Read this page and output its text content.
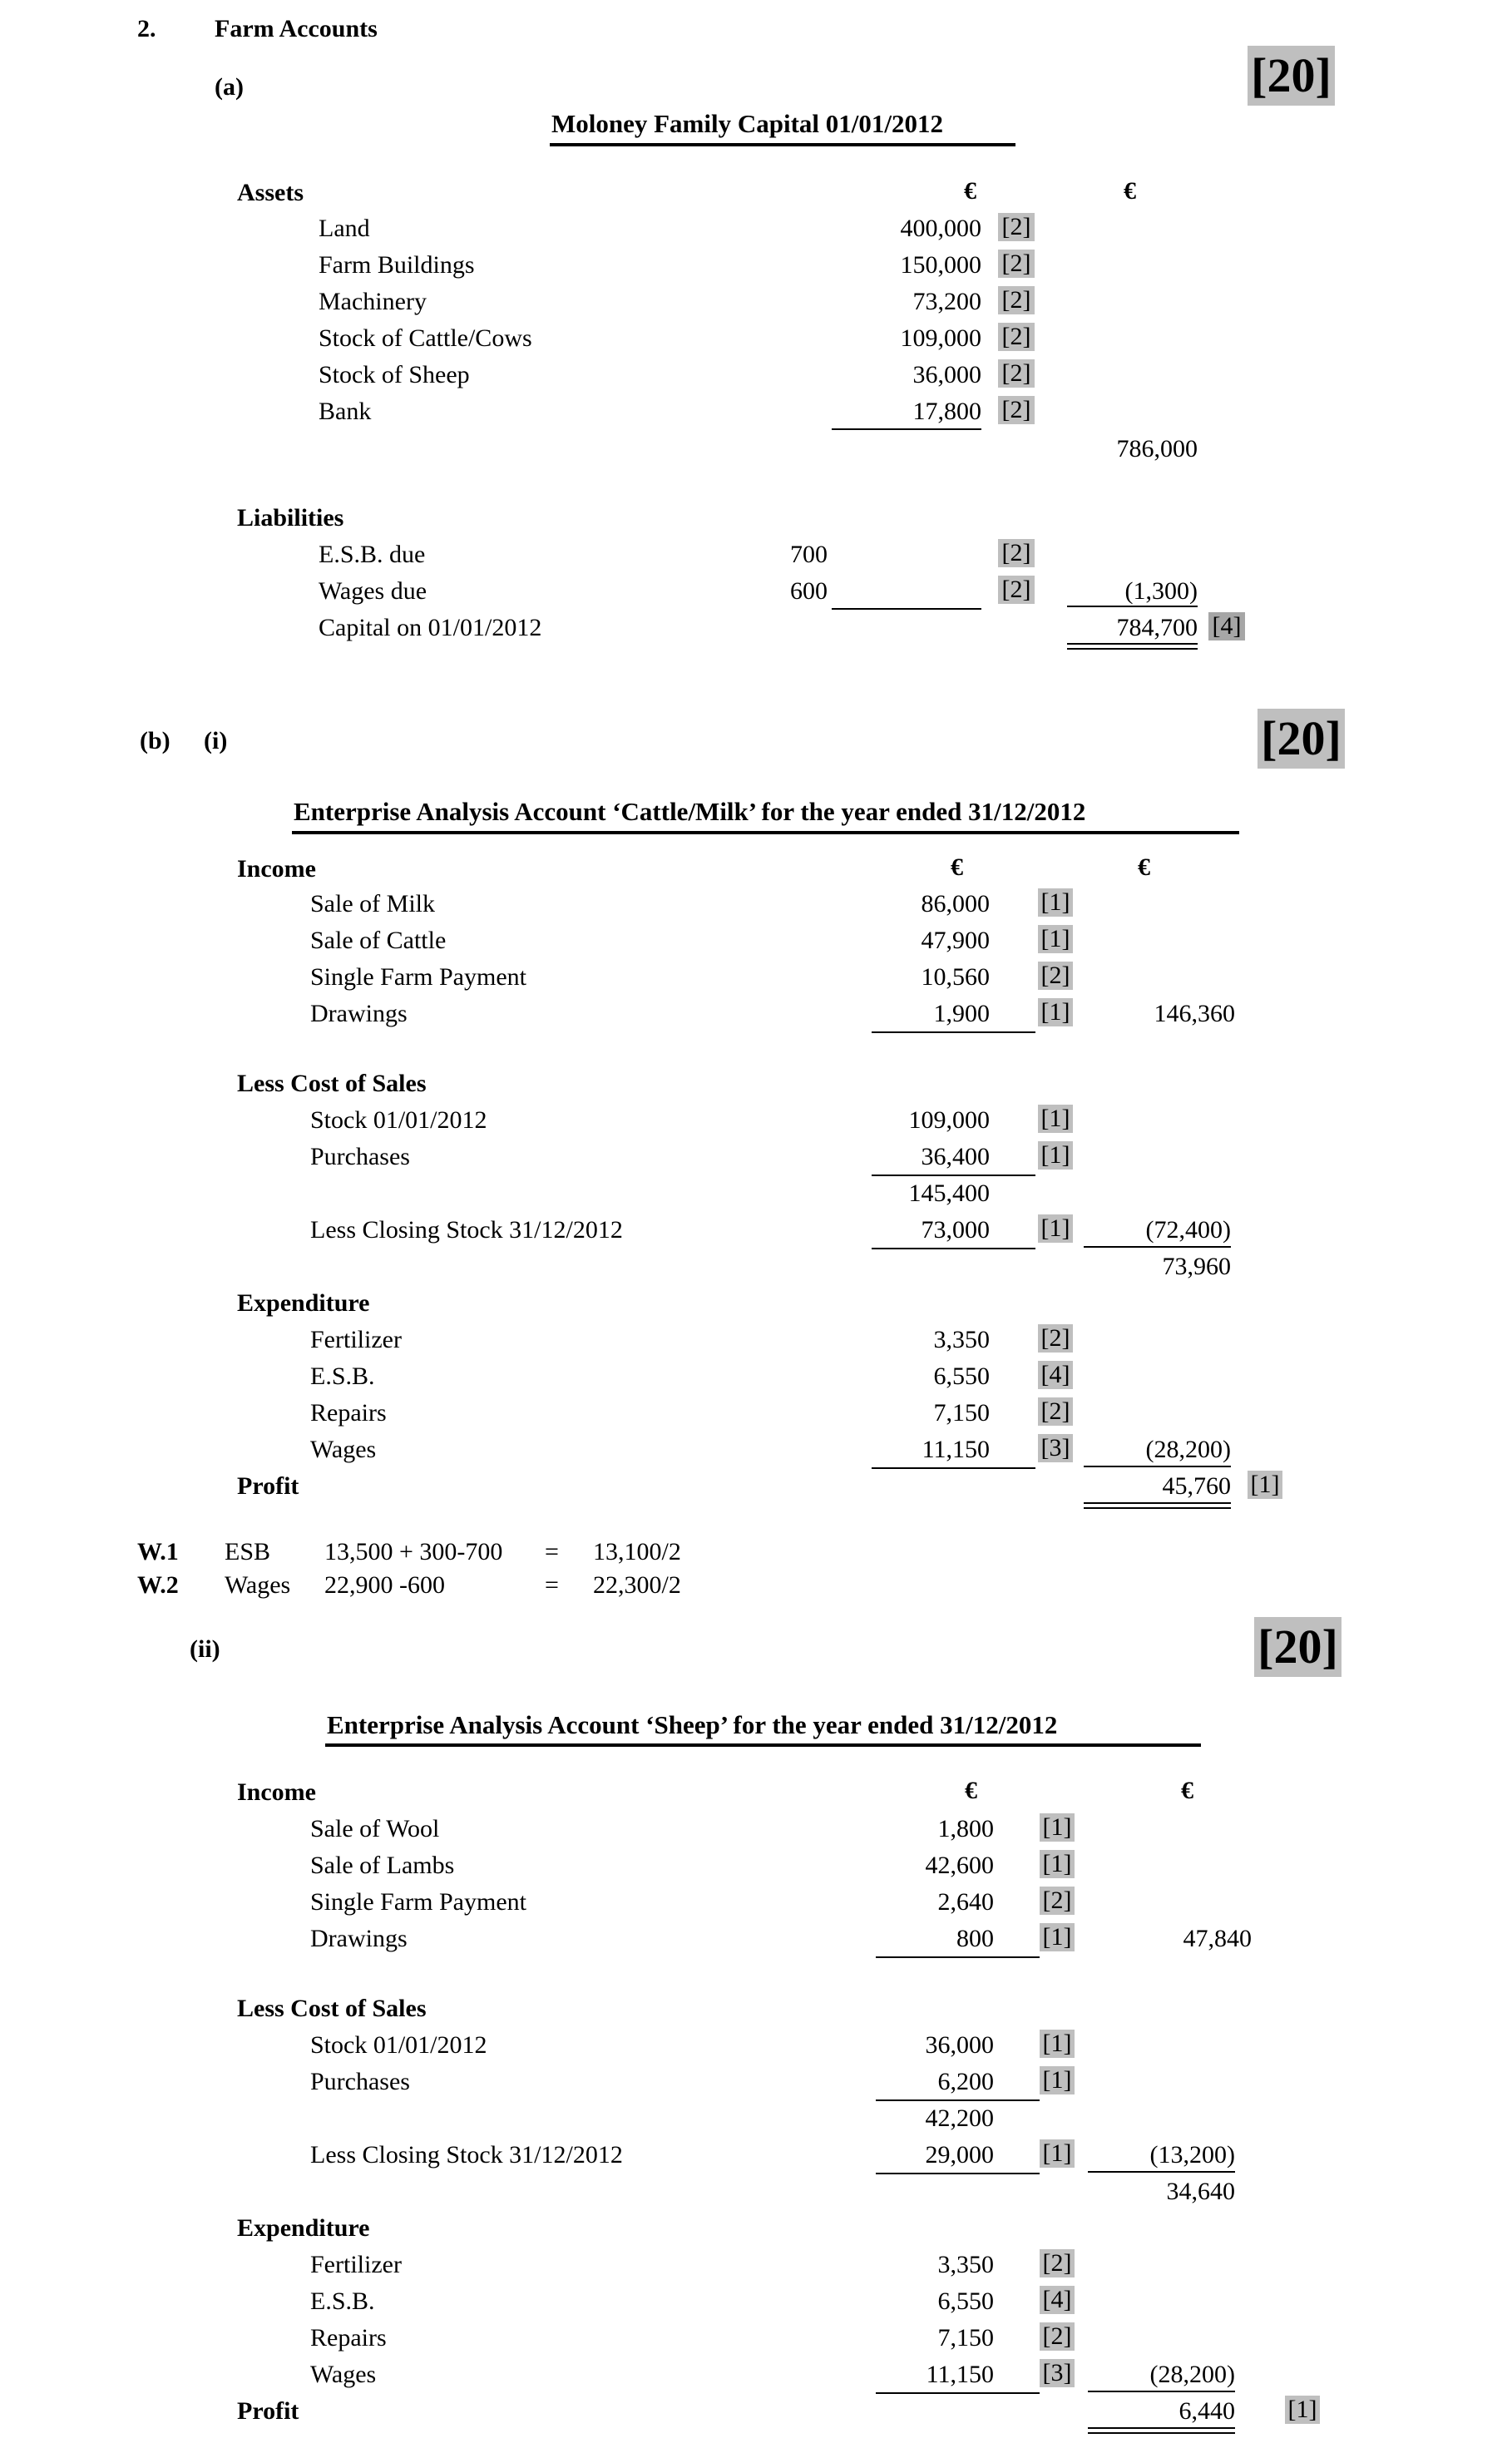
2. Farm Accounts
(a)	[20]
Moloney Family Capital 01/01/2012
Assets	€	€
Land	400,000 [2]
Farm Buildings	150,000 [2]
Machinery	73,200 [2]
Stock of Cattle/Cows	109,000 [2]
Stock of Sheep	36,000 [2]
Bank	17,800 [2]
786,000
Liabilities
E.S.B. due	700	[2]
Wages due	600	[2]	(1,300)
Capital on 01/01/2012	784,700 [4]
(b) (i)	[20]
Enterprise Analysis Account ‘Cattle/Milk’ for the year ended 31/12/2012
Income	€	€
Sale of Milk	86,000 [1]
Sale of Cattle	47,900 [1]
Single Farm Payment	10,560 [2]
Drawings	1,900 [1]	146,360
Less Cost of Sales
Stock 01/01/2012	109,000 [1]
Purchases	36,400 [1]
145,400
Less Closing Stock 31/12/2012	73,000 [1]	(72,400)
73,960
Expenditure
Fertilizer	3,350 [2]
E.S.B.	6,550 [4]
Repairs	7,150 [2]
Wages	11,150 [3]	(28,200)
Profit	45,760 [1]
W.1 ESB 13,500 + 300-700 = 13,100/2
W.2 Wages 22,900 -600	= 22,300/2
(ii)	[20]
Enterprise Analysis Account ‘Sheep’ for the year ended 31/12/2012
Income	€	€
Sale of Wool	1,800 [1]
Sale of Lambs	42,600 [1]
Single Farm Payment	2,640 [2]
Drawings	800 [1]	47,840
Less Cost of Sales
Stock 01/01/2012	36,000 [1]
Purchases	6,200 [1]
42,200
Less Closing Stock 31/12/2012	29,000 [1]	(13,200)
34,640
Expenditure
Fertilizer	3,350 [2]
E.S.B.	6,550 [4]
Repairs	7,150 [2]
Wages	11,150 [3]	(28,200)
Profit	6,440 [1]
